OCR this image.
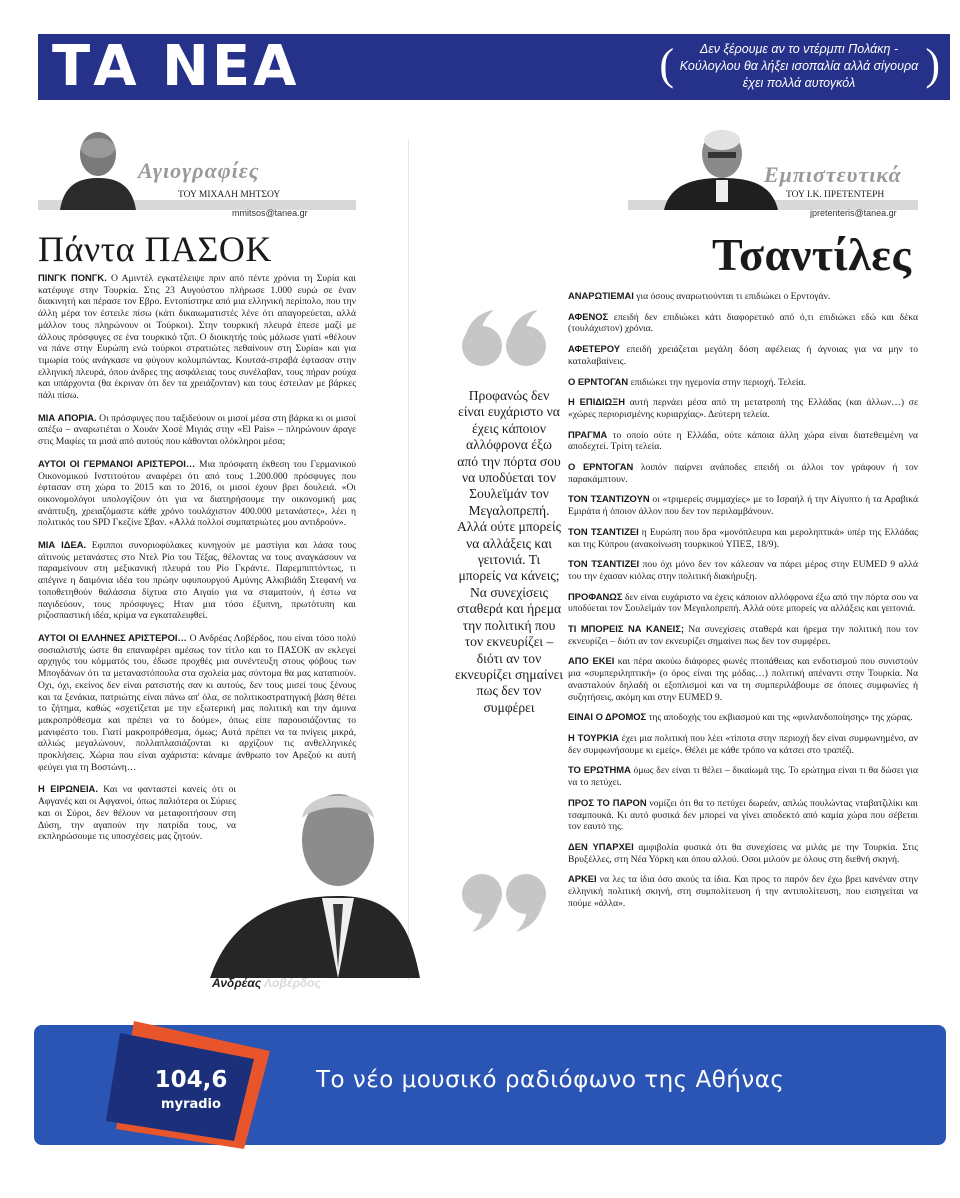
ΤΑ ΝΕΑ	(	Δεν ξέρουμε αν το ντέρμπι Πολάκη - Κούλογλου θα λήξει ισοπαλία αλλά σίγουρα έχει πολλά αυτογκόλ	)
Αγιογραφίες
ΤΟΥ ΜΙΧΑΛΗ ΜΗΤΣΟΥ
mmitsos@tanea.gr
Πάντα ΠΑΣΟΚ
Εμπιστευτικά
ΤΟΥ Ι.Κ. ΠΡΕΤΕΝΤΕΡΗ
jpretenteris@tanea.gr
Τσαντίλες

ΠΙΝΓΚ ΠΟΝΓΚ. Ο Αμιντέλ εγκατέλειψε πριν από πέντε χρόνια τη Συρία και κατέφυγε στην Τουρκία. Στις 23 Αυγούστου πλήρωσε 1.000 ευρώ σε έναν διακινητή και πέρασε τον Εβρο. Εντοπίστηκε από μια ελληνική περίπολο, που την άλλη μέρα τον έστειλε πίσω (κάτι δικαιωματιστές λένε ότι απαγορεύεται, αλλά μάλλον τους πληρώνουν οι Τούρκοι). Στην τουρκική πλευρά έπεσε μαζί με άλλους πρόσφυγες σε ένα τουρκικό τζιπ. Ο διοικητής τούς μάλωσε γιατί «θέλουν να πάνε στην Ευρώπη ενώ τούρκοι στρατιώτες πεθαίνουν στη Συρία» και για τιμωρία τούς ανάγκασε να φύγουν κολυμπώντας. Κουτσά-στραβά έφτασαν στην ελληνική πλευρά, όπου άνδρες της ασφάλειας τους συνέλαβαν, τους πήραν ρούχα και υπάρχοντα (θα έκριναν ότι δεν τα χρειάζονταν) και τους έστειλαν με βάρκες πάλι πίσω.

ΜΙΑ ΑΠΟΡΙΑ. Οι πρόσφυγες που ταξιδεύουν οι μισοί μέσα στη βάρκα κι οι μισοί απέξω – αναρωτιέται ο Χουάν Χοσέ Μιγιάς στην «El Pais» – πληρώνουν άραγε στις Μαφίες τα μισά από αυτούς που κάθονται ολόκληροι μέσα;

ΑΥΤΟΙ ΟΙ ΓΕΡΜΑΝΟΙ ΑΡΙΣΤΕΡΟΙ… Μια πρόσφατη έκθεση του Γερμανικού Οικονομικού Ινστιτούτου αναφέρει ότι από τους 1.200.000 πρόσφυγες που έφτασαν στη χώρα το 2015 και το 2016, οι μισοί έχουν βρει δουλειά. «Οι οικονομολόγοι υπολογίζουν ότι για να διατηρήσουμε την οικονομική μας ανάπτυξη, χρειαζόμαστε κάθε χρόνο τουλάχιστον 400.000 μετανάστες», λέει η πολιτικός του SPD Γκεζίνε Σβαν. «Αλλά πολλοί συμπατριώτες μου αντιδρούν».

ΜΙΑ ΙΔΕΑ. Εφιπποι συνοριοφύλακες κυνηγούν με μαστίγια και λάσα τους αϊτινούς μετανάστες στο Ντελ Ρίο του Τέξας, θέλοντας να τους αναγκάσουν να παραμείνουν στη μεξικανική πλευρά του Ρίο Γκράντε. Παρεμπιπτόντως, τι απέγινε η δαιμόνια ιδέα του πρώην υφυπουργού Αμύνης Αλκιβιάδη Στεφανή να τοποθετηθούν θαλάσσια δίχτυα στο Αιγαίο για να σταματούν, ή έστω να παγιδεύουν, τους πρόσφυγες; Ηταν μια τόσο έξυπνη, πρωτότυπη και ριζοσπαστική ιδέα, κρίμα να εγκαταλειφθεί.

ΑΥΤΟΙ ΟΙ ΕΛΛΗΝΕΣ ΑΡΙΣΤΕΡΟΙ… Ο Ανδρέας Λοβέρδος, που είναι τόσο πολύ σοσιαλιστής ώστε θα επαναφέρει αμέσως τον τίτλο και το ΠΑΣΟΚ αν εκλεγεί αρχηγός του κόμματός του, έδωσε προχθές μια συνέντευξη στους φόβους των Μπογδάνων ότι τα μεταναστόπουλα στα σχολεία μας σύντομα θα μας καταπιούν. Οχι, όχι, εκείνος δεν είναι ρατσιστής σαν κι αυτούς, δεν τους μισεί τους ξένους και τα ξενάκια, πατριώτης είναι πάνω απ' όλα, σε πολιτικοστρατηγική βάση θέτει το ζήτημα, καθώς «σχετίζεται με την εξωτερική μας πολιτική και την άμυνα μακροπρόθεσμα και πρέπει να το δούμε», όπως είπε παρουσιάζοντας το μανιφέστο του. Γιατί μακροπρόθεσμα, όμως; Αυτά πρέπει να τα πνίγεις μικρά, αλλιώς μεγαλώνουν, πολλαπλασιάζονται κι αρχίζουν τις ανθελληνικές προκλήσεις. Χώρια που είναι αχάριστα: κάναμε άνθρωπο τον Αρεζού κι αυτή φεύγει για τη Βοστώνη…

Η ΕΙΡΩΝΕΙΑ. Και να φανταστεί κανείς ότι οι Αφγανές και οι Αφγανοί, όπως παλιότερα οι Σύριες και οι Σύροι, δεν θέλουν να μεταφοιτήσουν στη Δύση, την αγαπούν την πατρίδα τους, να εκπληρώσουμε τις υποσχέσεις μας ζητούν.

Ανδρέας Λοβέρδος
Προφανώς δεν είναι ευχάριστο να έχεις κάποιον αλλόφρονα έξω από την πόρτα σου να υποδύεται τον Σουλεϊμάν τον Μεγαλοπρεπή. Αλλά ούτε μπορείς να αλλάξεις και γειτονιά. Τι μπορείς να κάνεις; Να συνεχίσεις σταθερά και ήρεμα την πολιτική που τον εκνευρίζει – διότι αν τον εκνευρίζει σημαίνει πως δεν τον συμφέρει

ΑΝΑΡΩΤΙΕΜΑΙ για όσους αναρωτιούνται τι επιδιώκει ο Ερντογάν.

ΑΦΕΝΟΣ επειδή δεν επιδιώκει κάτι διαφορετικό από ό,τι επιδιώκει εδώ και δέκα (τουλάχιστον) χρόνια.

ΑΦΕΤΕΡΟΥ επειδή χρειάζεται μεγάλη δόση αφέλειας ή άγνοιας για να μην το καταλαβαίνεις.

Ο ΕΡΝΤΟΓΑΝ επιδιώκει την ηγεμονία στην περιοχή. Τελεία.

Η ΕΠΙΔΙΩΞΗ αυτή περνάει μέσα από τη μετατροπή της Ελλάδας (και άλλων…) σε «χώρες περιορισμένης κυριαρχίας». Δεύτερη τελεία.

ΠΡΑΓΜΑ το οποίο ούτε η Ελλάδα, ούτε κάποια άλλη χώρα είναι διατεθειμένη να αποδεχτεί. Τρίτη τελεία.

Ο ΕΡΝΤΟΓΑΝ λοιπόν παίρνει ανάποδες επειδή οι άλλοι τον γράφουν ή τον παρακάμπτουν.

ΤΟΝ ΤΣΑΝΤΙΖΟΥΝ οι «τριμερείς συμμαχίες» με το Ισραήλ ή την Αίγυπτο ή τα Αραβικά Εμιράτα ή όποιον άλλον που δεν τον περιλαμβάνουν.

ΤΟΝ ΤΣΑΝΤΙΖΕΙ η Ευρώπη που δρα «μονόπλευρα και μεροληπτικά» υπέρ της Ελλάδας και της Κύπρου (ανακοίνωση τουρκικού ΥΠΕΞ, 18/9).

ΤΟΝ ΤΣΑΝΤΙΖΕΙ που όχι μόνο δεν τον κάλεσαν να πάρει μέρος στην EUMED 9 αλλά του την έχασαν κιόλας στην πολιτική διακήρυξη.

ΠΡΟΦΑΝΩΣ δεν είναι ευχάριστο να έχεις κάποιον αλλόφρονα έξω από την πόρτα σου να υποδύεται τον Σουλεϊμάν τον Μεγαλοπρεπή. Αλλά ούτε μπορείς να αλλάξεις και γειτονιά.

ΤΙ ΜΠΟΡΕΙΣ ΝΑ ΚΑΝΕΙΣ; Να συνεχίσεις σταθερά και ήρεμα την πολιτική που τον εκνευρίζει – διότι αν τον εκνευρίζει σημαίνει πως δεν τον συμφέρει.

ΑΠΟ ΕΚΕΙ και πέρα ακούω διάφορες φωνές πτοπάθειας και ενδοτισμού που συνιστούν μια «συμπεριληπτική» (ο όρος είναι της μόδας…) πολιτική απέναντι στην Τουρκία. Να ανασταλούν δηλαδή οι εξοπλισμοί και να τη συμπεριλάβουμε σε όποιες συμφωνίες ή συζητήσεις, ακόμη και στην EUMED 9.

ΕΙΝΑΙ Ο ΔΡΟΜΟΣ της αποδοχής του εκβιασμού και της «φινλανδοποίησης» της χώρας.

Η ΤΟΥΡΚΙΑ έχει μια πολιτική που λέει «τίποτα στην περιοχή δεν είναι συμφωνημένο, αν δεν συμφωνήσουμε κι εμείς». Θέλει με κάθε τρόπο να κάτσει στο τραπέζι.

ΤΟ ΕΡΩΤΗΜΑ όμως δεν είναι τι θέλει – δικαίωμά της. Το ερώτημα είναι τι θα δώσει για να το πετύχει.

ΠΡΟΣ ΤΟ ΠΑΡΟΝ νομίζει ότι θα το πετύχει δωρεάν, απλώς πουλώντας νταβατζιλίκι και τσαμπουκά. Κι αυτό φυσικά δεν μπορεί να γίνει αποδεκτό από καμία χώρα που σέβεται τον εαυτό της.

ΔΕΝ ΥΠΑΡΧΕΙ αμφιβολία φυσικά ότι θα συνεχίσεις να μιλάς με την Τουρκία. Στις Βρυξέλλες, στη Νέα Υόρκη και όπου αλλού. Οσοι μιλούν με όλους στη διεθνή σκηνή.

ΑΡΚΕΙ να λες τα ίδια όσο ακούς τα ίδια. Και προς το παρόν δεν έχω βρει κανέναν στην ελληνική πολιτική σκηνή, στη συμπολίτευση ή την αντιπολίτευση, που εισηγείται να πούμε «άλλα».

104,6
myradio
Το νέο μουσικό ραδιόφωνο της Αθήνας
